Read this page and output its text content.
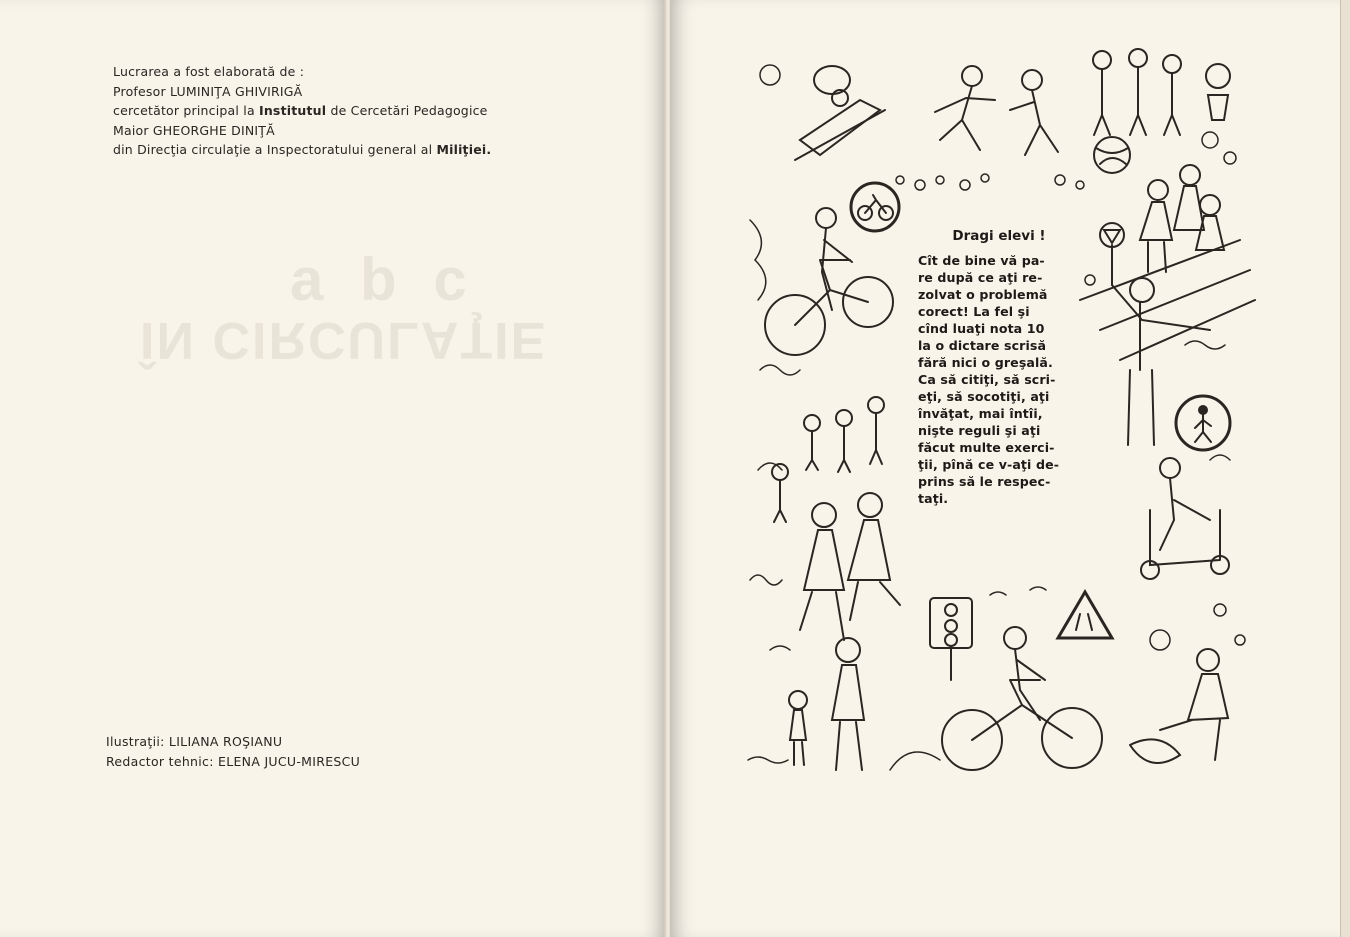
a b c
ÎN CIRCULAŢIE
Lucrarea a fost elaborată de :
Profesor LUMINIŢA GHIVIRIGĂ
cercetător principal la Institutul de Cercetări Pedagogice
Maior GHEORGHE DINIŢĂ
din Direcţia circulaţie a Inspectoratului general al Miliţiei.
Ilustraţii: LILIANA ROŞIANU
Redactor tehnic: ELENA JUCU-MIRESCU
Dragi elevi !
Cît de bine vă pa-
re după ce aţi re-
zolvat o problemă
corect! La fel şi
cînd luaţi nota 10
la o dictare scrisă
fără nici o greşală.
Ca să citiţi, să scri-
eţi, să socotiţi, aţi
învăţat, mai întîi,
nişte reguli şi aţi
făcut multe exerci-
ţii, pînă ce v-aţi de-
prins să le respec-
taţi.
